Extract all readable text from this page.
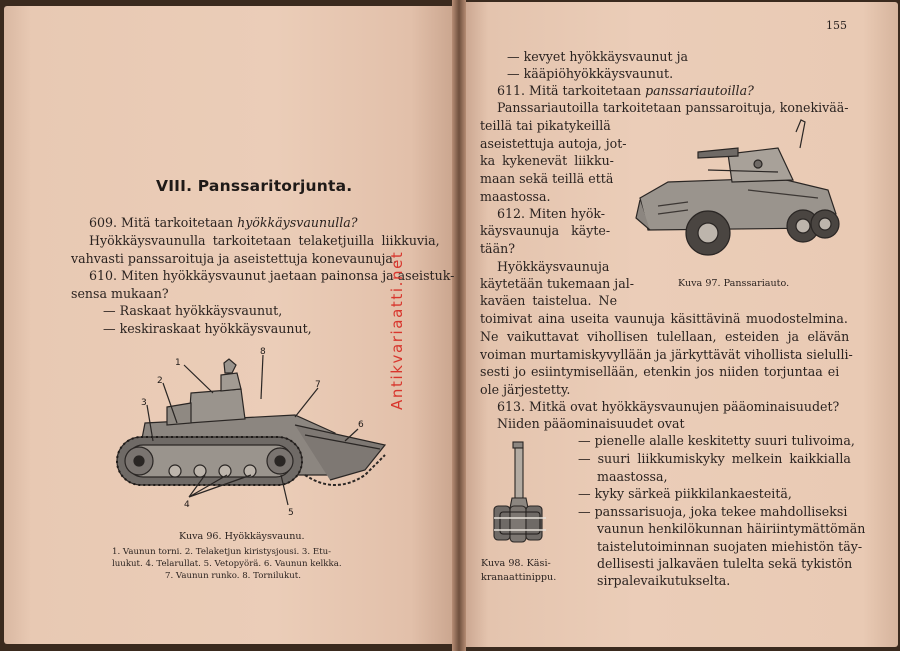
VIII. Panssaritorjunta.
609. Mitä tarkoitetaan hyökkäysvaunulla?
Hyökkäysvaunulla tarkoitetaan telaketjuilla liikkuvia,
vahvasti panssaroituja ja aseistettuja konevaunuja.
610. Miten hyökkäysvaunut jaetaan painonsa ja aseistuk-
sensa mukaan?
— Raskaat hyökkäysvaunut,
— keskiraskaat hyökkäysvaunut,
1
2
3
4
5
6
7
8
Kuva 96. Hyökkäysvaunu.
1. Vaunun torni. 2. Telaketjun kiristysjousi. 3. Etu-
luukut. 4. Telarullat. 5. Vetopyörä. 6. Vaunun kelkka.
7. Vaunun runko. 8. Tornilukut.
Antikvariaatti.net
155
— kevyet hyökkäysvaunut ja
— kääpiöhyökkäysvaunut.
611. Mitä tarkoitetaan panssariautoilla?
Panssariautoilla tarkoitetaan panssaroituja, konekivää-
teillä tai pikatykeillä
aseistettuja autoja, jot-
ka kykenevät liikku-
maan sekä teillä että
maastossa.
612. Miten hyök-
käysvaunuja käyte-
tään?
Hyökkäysvaunuja
käytetään tukemaan jal-
kaväen taistelua. Ne
Kuva 97. Panssariauto.
toimivat aina useita vaunuja käsittävinä muodostelmina.
Ne vaikuttavat vihollisen tulellaan, esteiden ja elävän
voiman murtamiskyvyllään ja järkyttävät vihollista sielulli-
sesti jo esiintymisellään, etenkin jos niiden torjuntaa ei
ole järjestetty.
613. Mitkä ovat hyökkäysvaunujen pääominaisuudet?
Niiden pääominaisuudet ovat
— pienelle alalle keskitetty suuri tulivoima,
— suuri liikkumiskyky melkein kaikkialla
maastossa,
— kyky särkeä piikkilankaesteitä,
— panssarisuoja, joka tekee mahdolliseksi
vaunun henkilökunnan häiriintymättömän
taistelutoiminnan suojaten miehistön täy-
dellisesti jalkaväen tulelta sekä tykistön
sirpalevaikutukselta.
Kuva 98. Käsi-
kranaattinippu.
